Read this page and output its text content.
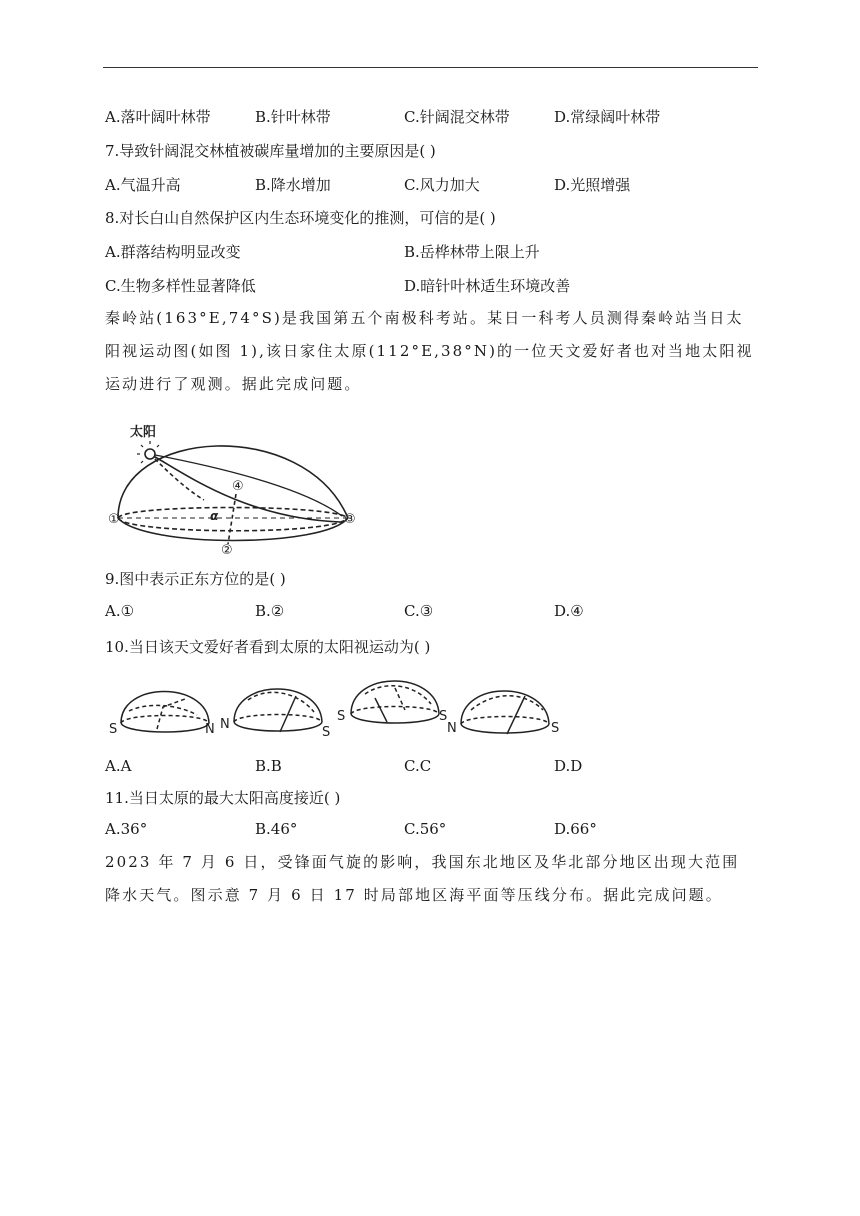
A.落叶阔叶林带	B.针叶林带	C.针阔混交林带	D.常绿阔叶林带
7.导致针阔混交林植被碳库量增加的主要原因是( )
A.气温升高	B.降水增加	C.风力加大	D.光照增强
8.对长白山自然保护区内生态环境变化的推测，可信的是( )
A.群落结构明显改变	B.岳桦林带上限上升
C.生物多样性显著降低	D.暗针叶林适生环境改善
秦岭站(163°E,74°S)是我国第五个南极科考站。某日一科考人员测得秦岭站当日太
阳视运动图(如图 1),该日家住太原(112°E,38°N)的一位天文爱好者也对当地太阳视
运动进行了观测。据此完成问题。
太阳
①
②
③
④
α
9.图中表示正东方位的是( )
A.①	B.②	C.③	D.④
10.当日该天文爱好者看到太原的太阳视运动为( )
S	N N
S
S	S
N	S
A.A	B.B	C.C	D.D
11.当日太原的最大太阳高度接近( )
A.36°	B.46°	C.56°	D.66°
2023 年 7 月 6 日，受锋面气旋的影响，我国东北地区及华北部分地区出现大范围
降水天气。图示意 7 月 6 日 17 时局部地区海平面等压线分布。据此完成问题。
